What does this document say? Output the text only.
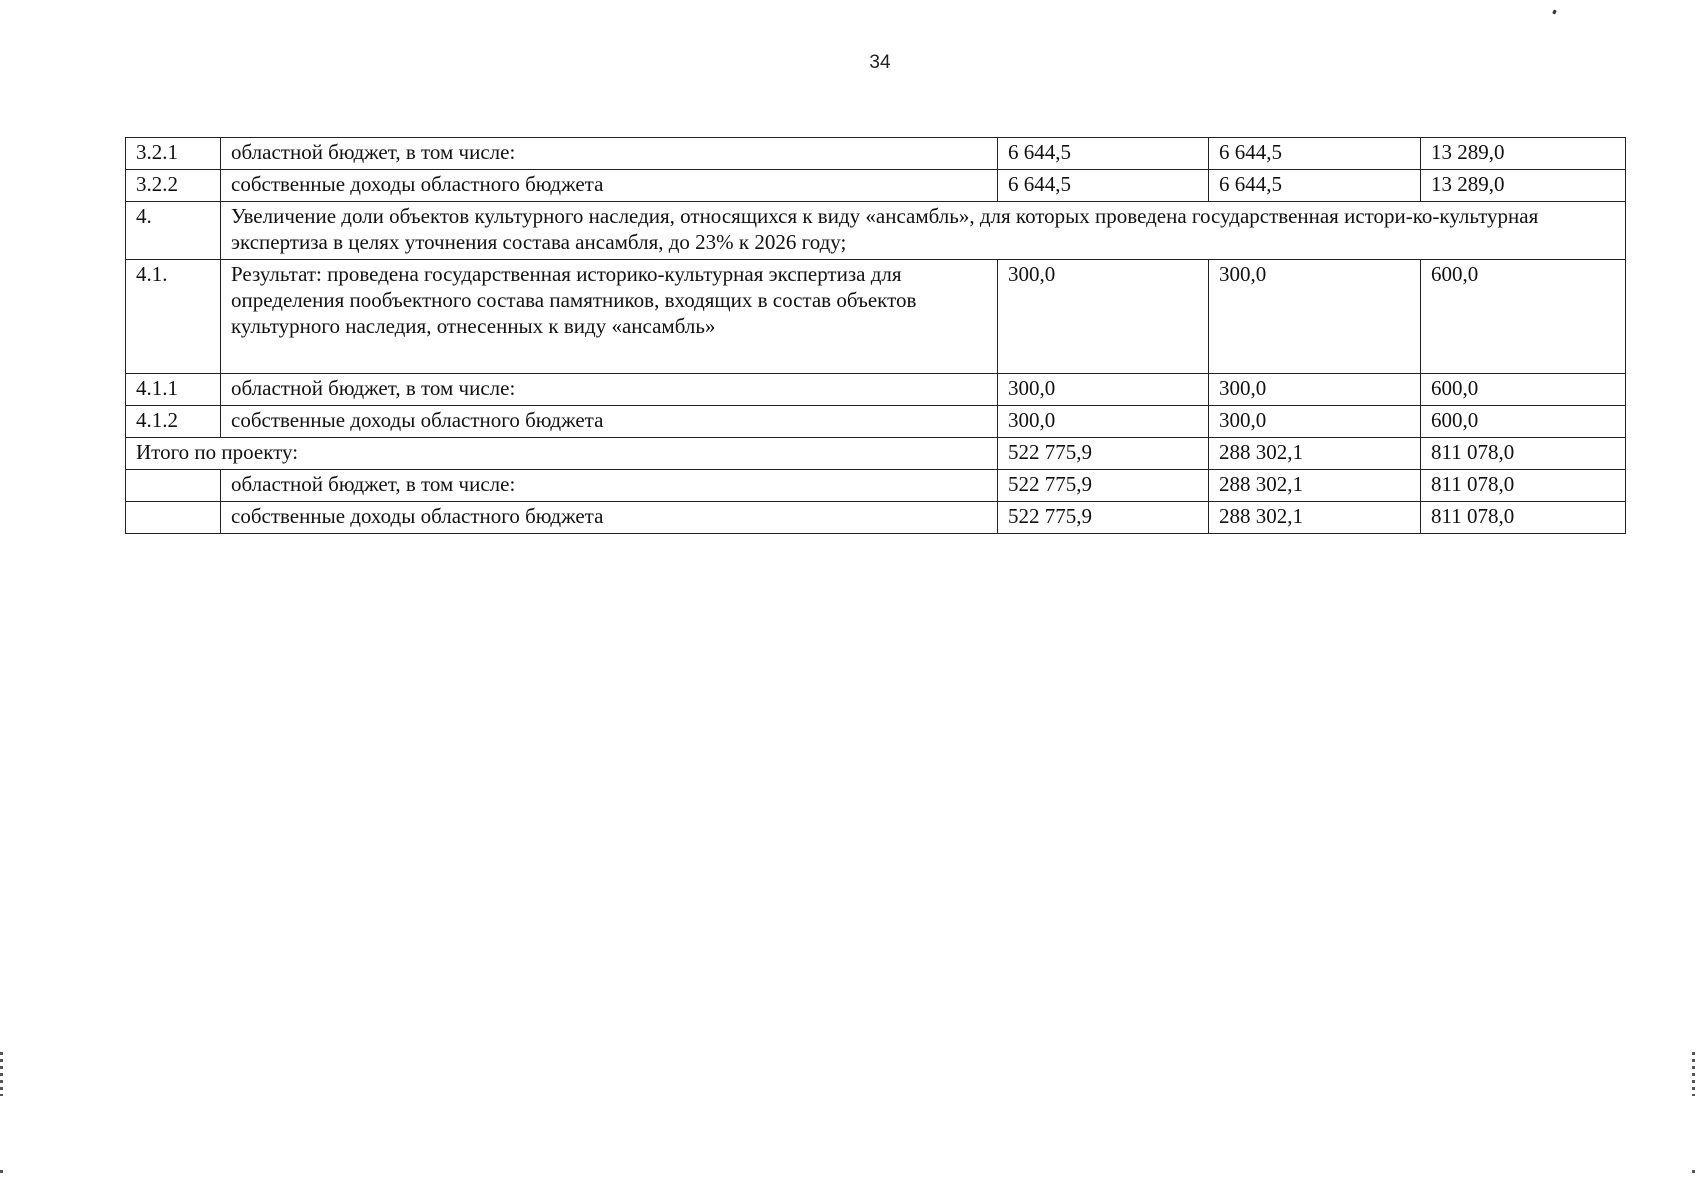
34
3.2.1	областной бюджет, в том числе:	6 644,5	6 644,5	13 289,0
3.2.2	собственные доходы областного бюджета	6 644,5	6 644,5	13 289,0
4.	Увеличение доли объектов культурного наследия, относящихся к виду «ансамбль», для которых проведена государственная истори-ко-культурная экспертиза в целях уточнения состава ансамбля, до 23% к 2026 году;			
4.1.	Результат: проведена государственная историко-культурная экспертиза для определения пообъектного состава памятников, входящих в состав объектов культурного наследия, отнесенных к виду «ансамбль»	300,0	300,0	600,0
4.1.1	областной бюджет, в том числе:	300,0	300,0	600,0
4.1.2	собственные доходы областного бюджета	300,0	300,0	600,0
Итого по проекту:		522 775,9	288 302,1	811 078,0
	областной бюджет, в том числе:	522 775,9	288 302,1	811 078,0
	собственные доходы областного бюджета	522 775,9	288 302,1	811 078,0
